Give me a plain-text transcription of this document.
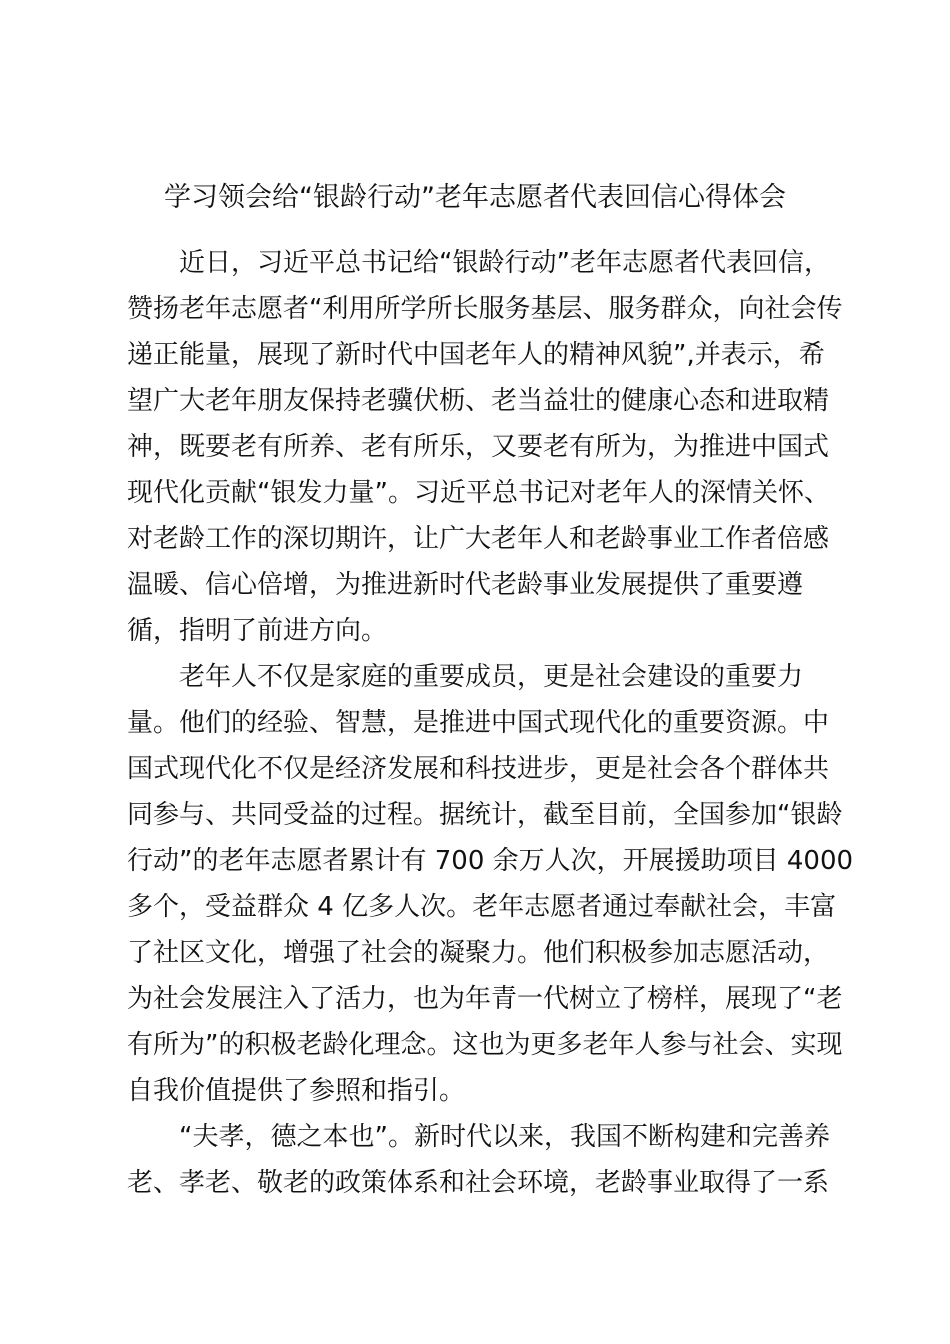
学习领会给“银龄行动”老年志愿者代表回信心得体会
近日，习近平总书记给“银龄行动”老年志愿者代表回信，
赞扬老年志愿者“利用所学所长服务基层、服务群众，向社会传
递正能量，展现了新时代中国老年人的精神风貌”,并表示，希
望广大老年朋友保持老骥伏枥、老当益壮的健康心态和进取精
神，既要老有所养、老有所乐，又要老有所为，为推进中国式
现代化贡献“银发力量”。习近平总书记对老年人的深情关怀、
对老龄工作的深切期许，让广大老年人和老龄事业工作者倍感
温暖、信心倍增，为推进新时代老龄事业发展提供了重要遵
循，指明了前进方向。
老年人不仅是家庭的重要成员，更是社会建设的重要力
量。他们的经验、智慧，是推进中国式现代化的重要资源。中
国式现代化不仅是经济发展和科技进步，更是社会各个群体共
同参与、共同受益的过程。据统计，截至目前，全国参加“银龄
行动”的老年志愿者累计有 700 余万人次，开展援助项目 4000
多个，受益群众 4 亿多人次。老年志愿者通过奉献社会，丰富
了社区文化，增强了社会的凝聚力。他们积极参加志愿活动，
为社会发展注入了活力，也为年青一代树立了榜样，展现了“老
有所为”的积极老龄化理念。这也为更多老年人参与社会、实现
自我价值提供了参照和指引。
“夫孝，德之本也”。新时代以来，我国不断构建和完善养
老、孝老、敬老的政策体系和社会环境，老龄事业取得了一系
